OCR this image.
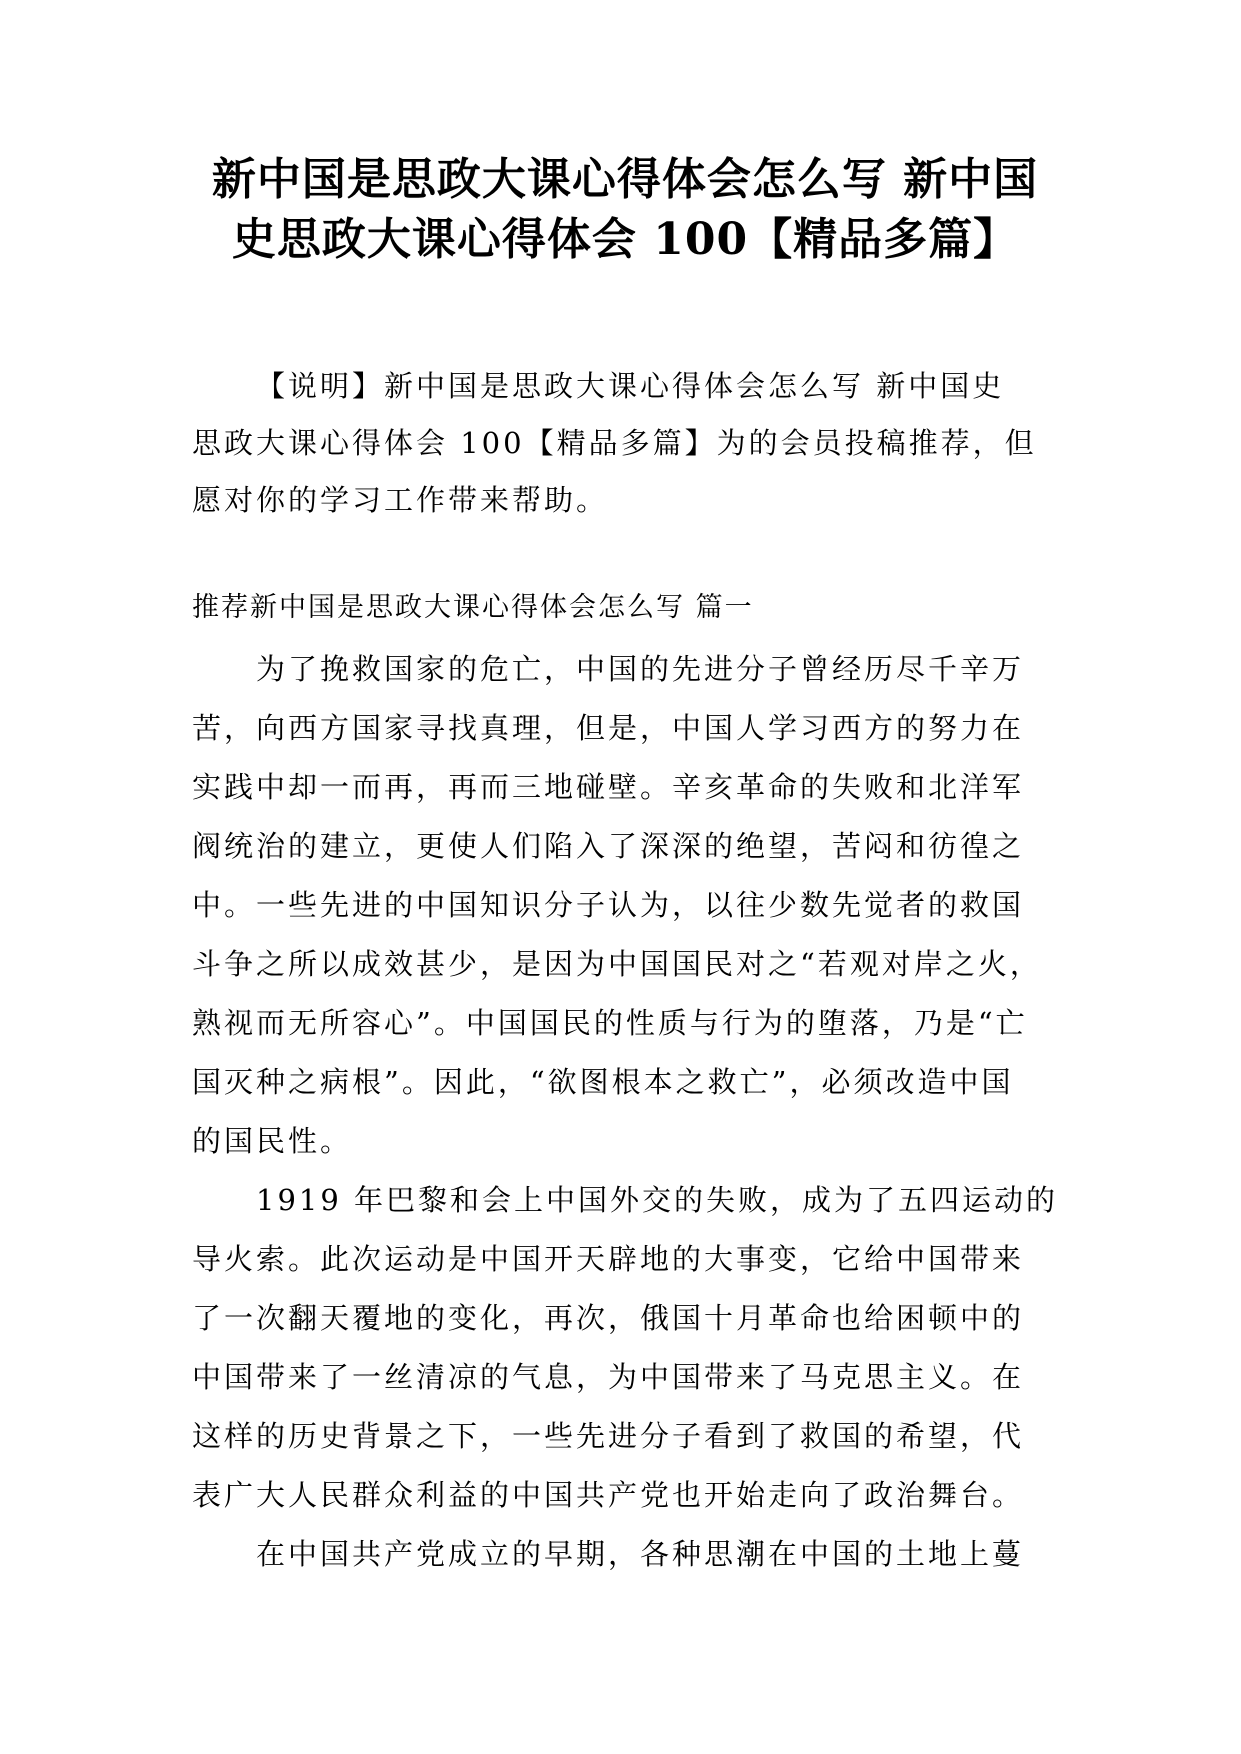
新中国是思政大课心得体会怎么写 新中国
史思政大课心得体会 100【精品多篇】
【说明】新中国是思政大课心得体会怎么写 新中国史
思政大课心得体会 100【精品多篇】为的会员投稿推荐，但
愿对你的学习工作带来帮助。
推荐新中国是思政大课心得体会怎么写 篇一
为了挽救国家的危亡，中国的先进分子曾经历尽千辛万
苦，向西方国家寻找真理，但是，中国人学习西方的努力在
实践中却一而再，再而三地碰壁。辛亥革命的失败和北洋军
阀统治的建立，更使人们陷入了深深的绝望，苦闷和彷徨之
中。一些先进的中国知识分子认为，以往少数先觉者的救国
斗争之所以成效甚少，是因为中国国民对之“若观对岸之火，
熟视而无所容心”。中国国民的性质与行为的堕落，乃是“亡
国灭种之病根”。因此，“欲图根本之救亡”，必须改造中国
的国民性。
1919 年巴黎和会上中国外交的失败，成为了五四运动的
导火索。此次运动是中国开天辟地的大事变，它给中国带来
了一次翻天覆地的变化，再次，俄国十月革命也给困顿中的
中国带来了一丝清凉的气息，为中国带来了马克思主义。在
这样的历史背景之下，一些先进分子看到了救国的希望，代
表广大人民群众利益的中国共产党也开始走向了政治舞台。
在中国共产党成立的早期，各种思潮在中国的土地上蔓
